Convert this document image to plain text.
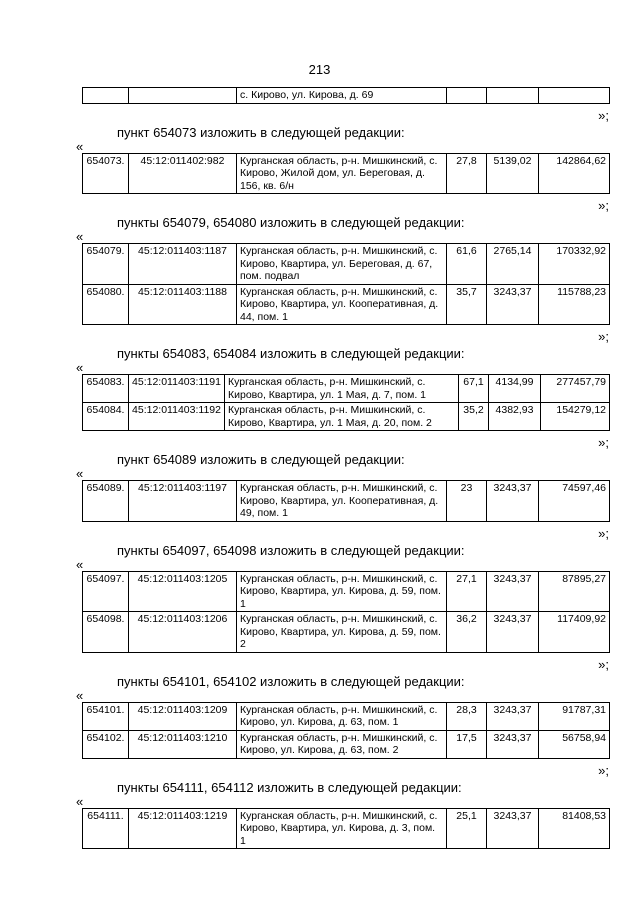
213
		с. Кирово, ул. Кирова, д. 69			
»;
пункт 654073 изложить в следующей редакции:
«
654073.	45:12:011402:982	Курганская область, р-н. Мишкинский, с. Кирово, Жилой дом, ул. Береговая, д. 156, кв. 6/н	27,8	5139,02	142864,62
»;
пункты 654079, 654080 изложить в следующей редакции:
«
654079.	45:12:011403:1187	Курганская область, р-н. Мишкинский, с. Кирово, Квартира, ул. Береговая, д. 67, пом. подвал	61,6	2765,14	170332,92
654080.	45:12:011403:1188	Курганская область, р-н. Мишкинский, с. Кирово, Квартира, ул. Кооперативная, д. 44, пом. 1	35,7	3243,37	115788,23
»;
пункты 654083, 654084 изложить в следующей редакции:
«
654083.	45:12:011403:1191	Курганская область, р-н. Мишкинский, с. Кирово, Квартира, ул. 1 Мая, д. 7, пом. 1	67,1	4134,99	277457,79
654084.	45:12:011403:1192	Курганская область, р-н. Мишкинский, с. Кирово, Квартира, ул. 1 Мая, д. 20, пом. 2	35,2	4382,93	154279,12
»;
пункт 654089 изложить в следующей редакции:
«
654089.	45:12:011403:1197	Курганская область, р-н. Мишкинский, с. Кирово, Квартира, ул. Кооперативная, д. 49, пом. 1	23	3243,37	74597,46
»;
пункты 654097, 654098 изложить в следующей редакции:
«
654097.	45:12:011403:1205	Курганская область, р-н. Мишкинский, с. Кирово, Квартира, ул. Кирова, д. 59, пом. 1	27,1	3243,37	87895,27
654098.	45:12:011403:1206	Курганская область, р-н. Мишкинский, с. Кирово, Квартира, ул. Кирова, д. 59, пом. 2	36,2	3243,37	117409,92
»;
пункты 654101, 654102 изложить в следующей редакции:
«
654101.	45:12:011403:1209	Курганская область, р-н. Мишкинский, с. Кирово, ул. Кирова, д. 63, пом. 1	28,3	3243,37	91787,31
654102.	45:12:011403:1210	Курганская область, р-н. Мишкинский, с. Кирово, ул. Кирова, д. 63, пом. 2	17,5	3243,37	56758,94
»;
пункты 654111, 654112 изложить в следующей редакции:
«
654111.	45:12:011403:1219	Курганская область, р-н. Мишкинский, с. Кирово, Квартира, ул. Кирова, д. 3, пом. 1	25,1	3243,37	81408,53
